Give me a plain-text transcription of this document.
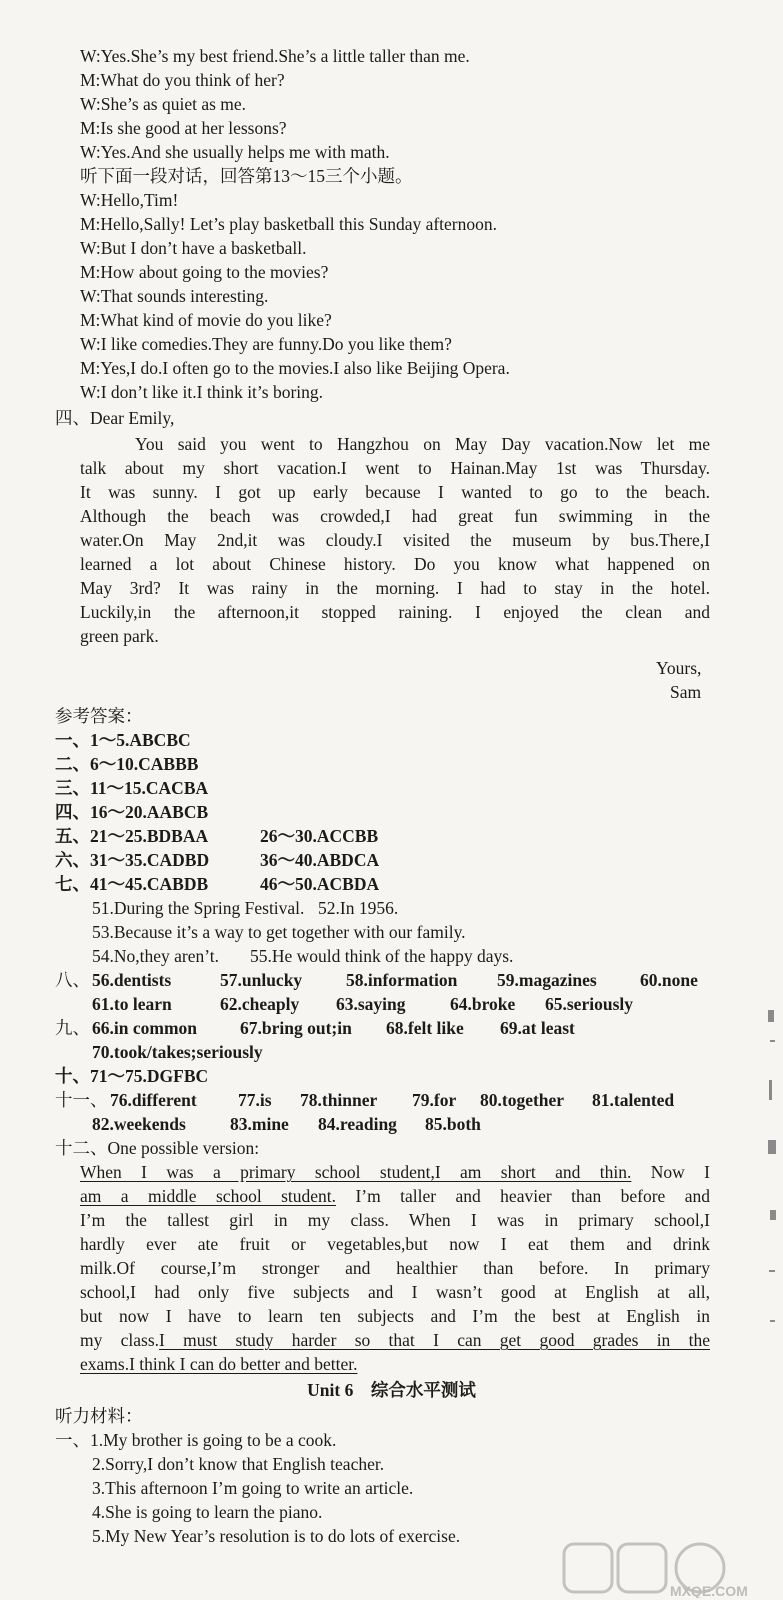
W:Yes.She’s my best friend.She’s a little taller than me.
M:What do you think of her?
W:She’s as quiet as me.
M:Is she good at her lessons?
W:Yes.And she usually helps me with math.
听下面一段对话，回答第13～15三个小题。
W:Hello,Tim!
M:Hello,Sally! Let’s play basketball this Sunday afternoon.
W:But I don’t have a basketball.
M:How about going to the movies?
W:That sounds interesting.
M:What kind of movie do you like?
W:I like comedies.They are funny.Do you like them?
M:Yes,I do.I often go to the movies.I also like Beijing Opera.
W:I don’t like it.I think it’s boring.
四、Dear Emily,
You said you went to Hangzhou on May Day vacation.Now let me
talk about my short vacation.I went to Hainan.May 1st was Thursday.
It was sunny. I got up early because I wanted to go to the beach.
Although the beach was crowded,I had great fun swimming in the
water.On May 2nd,it was cloudy.I visited the museum by bus.There,I
learned a lot about Chinese history. Do you know what happened on
May 3rd? It was rainy in the morning. I had to stay in the hotel.
Luckily,in the afternoon,it stopped raining. I enjoyed the clean and
green park.
Yours,
Sam
参考答案：
一、1～5.ABCBC
二、6～10.CABBB
三、11～15.CACBA
四、16～20.AABCB
五、21～25.BDBAA	26～30.ACCBB
六、31～35.CADBD	36～40.ABDCA
七、41～45.CABDB	46～50.ACBDA
51.During the Spring Festival. 52.In 1956.
53.Because it’s a way to get together with our family.
54.No,they aren’t. 55.He would think of the happy days.
八、 56.dentists	57.unlucky	58.information 59.magazines 60.none
61.to learn	62.cheaply 63.saying	64.broke 65.seriously
九、 66.in common 67.bring out;in 68.felt like 69.at least
70.took/takes;seriously
十、71～75.DGFBC
十一、 76.different 77.is 78.thinner 79.for 80.together 81.talented
82.weekends	83.mine 84.reading 85.both
十二、One possible version:
When I was a primary school student,I am short and thin. Now I
am a middle school student. I’m taller and heavier than before and
I’m the tallest girl in my class. When I was in primary school,I
hardly ever ate fruit or vegetables,but now I eat them and drink
milk.Of course,I’m stronger and healthier than before. In primary
school,I had only five subjects and I wasn’t good at English at all,
but now I have to learn ten subjects and I’m the best at English in
my class.I must study harder so that I can get good grades in the
exams.I think I can do better and better.
Unit 6　综合水平测试
听力材料：
一、1.My brother is going to be a cook.
2.Sorry,I don’t know that English teacher.
3.This afternoon I’m going to write an article.
4.She is going to learn the piano.
5.My New Year’s resolution is to do lots of exercise.
MXQE.COM
